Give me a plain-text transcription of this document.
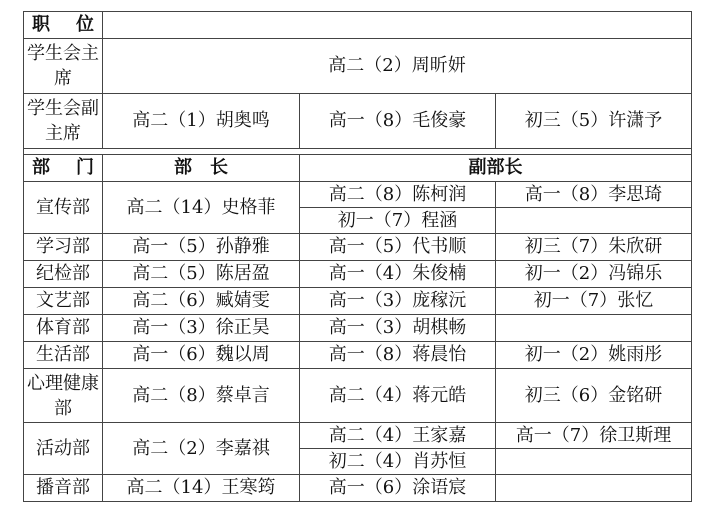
职　位			
学生会主　席	高二（2）周昕妍		
学生会副主席	高二（1）胡奥鸣	高一（8）毛俊豪	初三（5）许潇予

部　门	部　长	副部长	
宣传部	高二（14）史格菲	高二（8）陈柯润	高一（8）李思琦
		初一（7）程涵	
学习部	高一（5）孙静雅	高一（5）代书顺	初三（7）朱欣研
纪检部	高二（5）陈居盈	高一（4）朱俊楠	初一（2）冯锦乐
文艺部	高二（6）臧婧雯	高一（3）庞稼沅	初一（7）张忆
体育部	高一（3）徐正昊	高一（3）胡棋畅	
生活部	高一（6）魏以周	高一（8）蒋晨怡	初一（2）姚雨彤
心理健康部	高二（8）蔡卓言	高二（4）蒋元皓	初三（6）金铭研
活动部	高二（2）李嘉祺	高二（4）王家嘉	高一（7）徐卫斯理
		初二（4）肖苏恒	
播音部	高二（14）王寒筠	高一（6）涂语宸	
